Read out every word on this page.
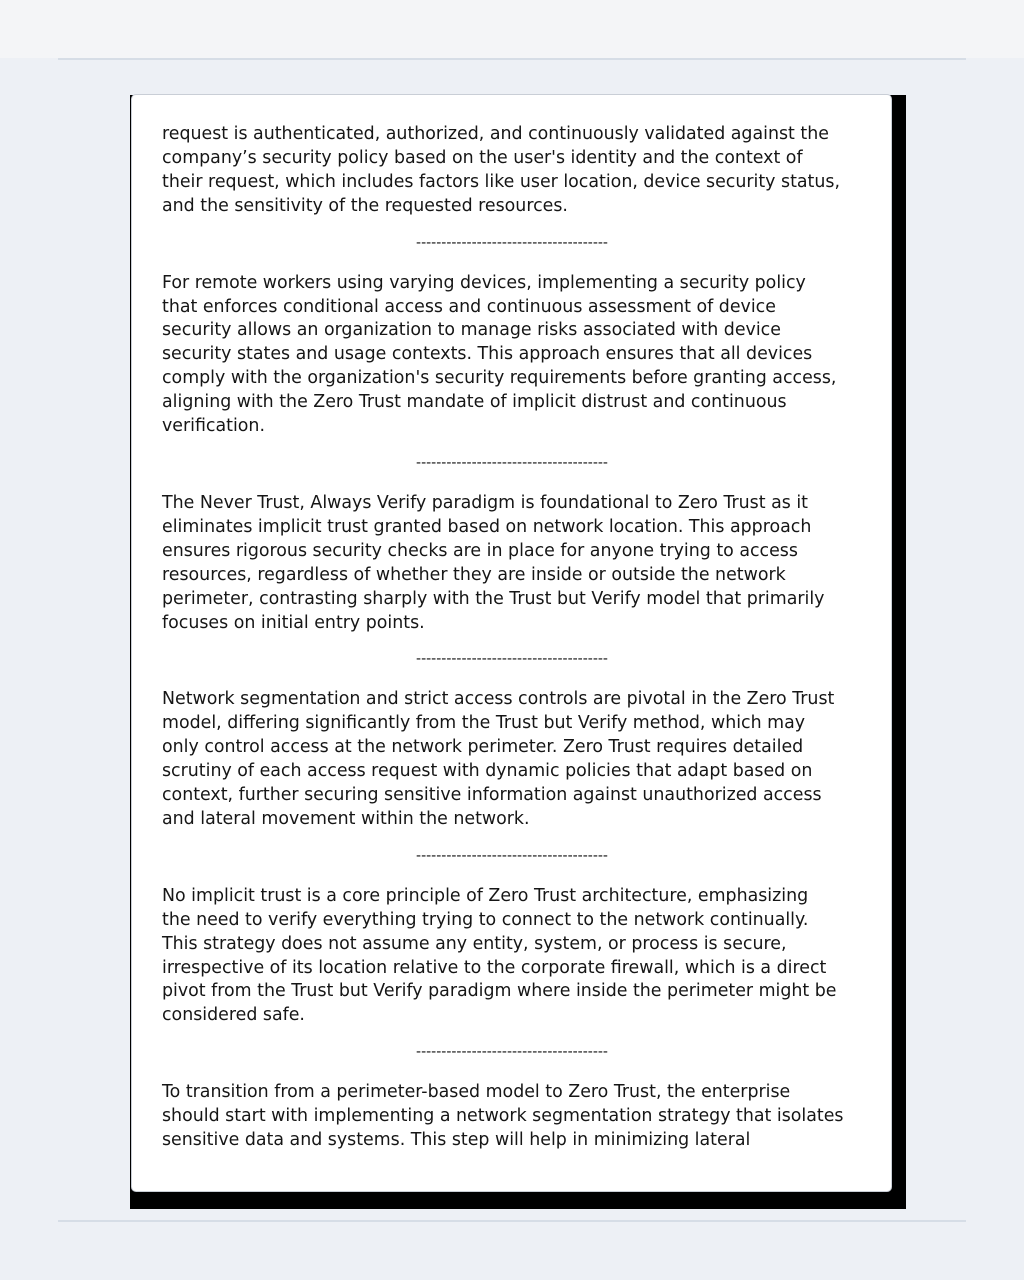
request is authenticated, authorized, and continuously validated against the
company’s security policy based on the user's identity and the context of
their request, which includes factors like user location, device security status,
and the sensitivity of the requested resources.

--------------------------------------

For remote workers using varying devices, implementing a security policy
that enforces conditional access and continuous assessment of device
security allows an organization to manage risks associated with device
security states and usage contexts. This approach ensures that all devices
comply with the organization's security requirements before granting access,
aligning with the Zero Trust mandate of implicit distrust and continuous
verification.

--------------------------------------

The Never Trust, Always Verify paradigm is foundational to Zero Trust as it
eliminates implicit trust granted based on network location. This approach
ensures rigorous security checks are in place for anyone trying to access
resources, regardless of whether they are inside or outside the network
perimeter, contrasting sharply with the Trust but Verify model that primarily
focuses on initial entry points.

--------------------------------------

Network segmentation and strict access controls are pivotal in the Zero Trust
model, differing significantly from the Trust but Verify method, which may
only control access at the network perimeter. Zero Trust requires detailed
scrutiny of each access request with dynamic policies that adapt based on
context, further securing sensitive information against unauthorized access
and lateral movement within the network.

--------------------------------------

No implicit trust is a core principle of Zero Trust architecture, emphasizing
the need to verify everything trying to connect to the network continually.
This strategy does not assume any entity, system, or process is secure,
irrespective of its location relative to the corporate firewall, which is a direct
pivot from the Trust but Verify paradigm where inside the perimeter might be
considered safe.

--------------------------------------

To transition from a perimeter-based model to Zero Trust, the enterprise
should start with implementing a network segmentation strategy that isolates
sensitive data and systems. This step will help in minimizing lateral
